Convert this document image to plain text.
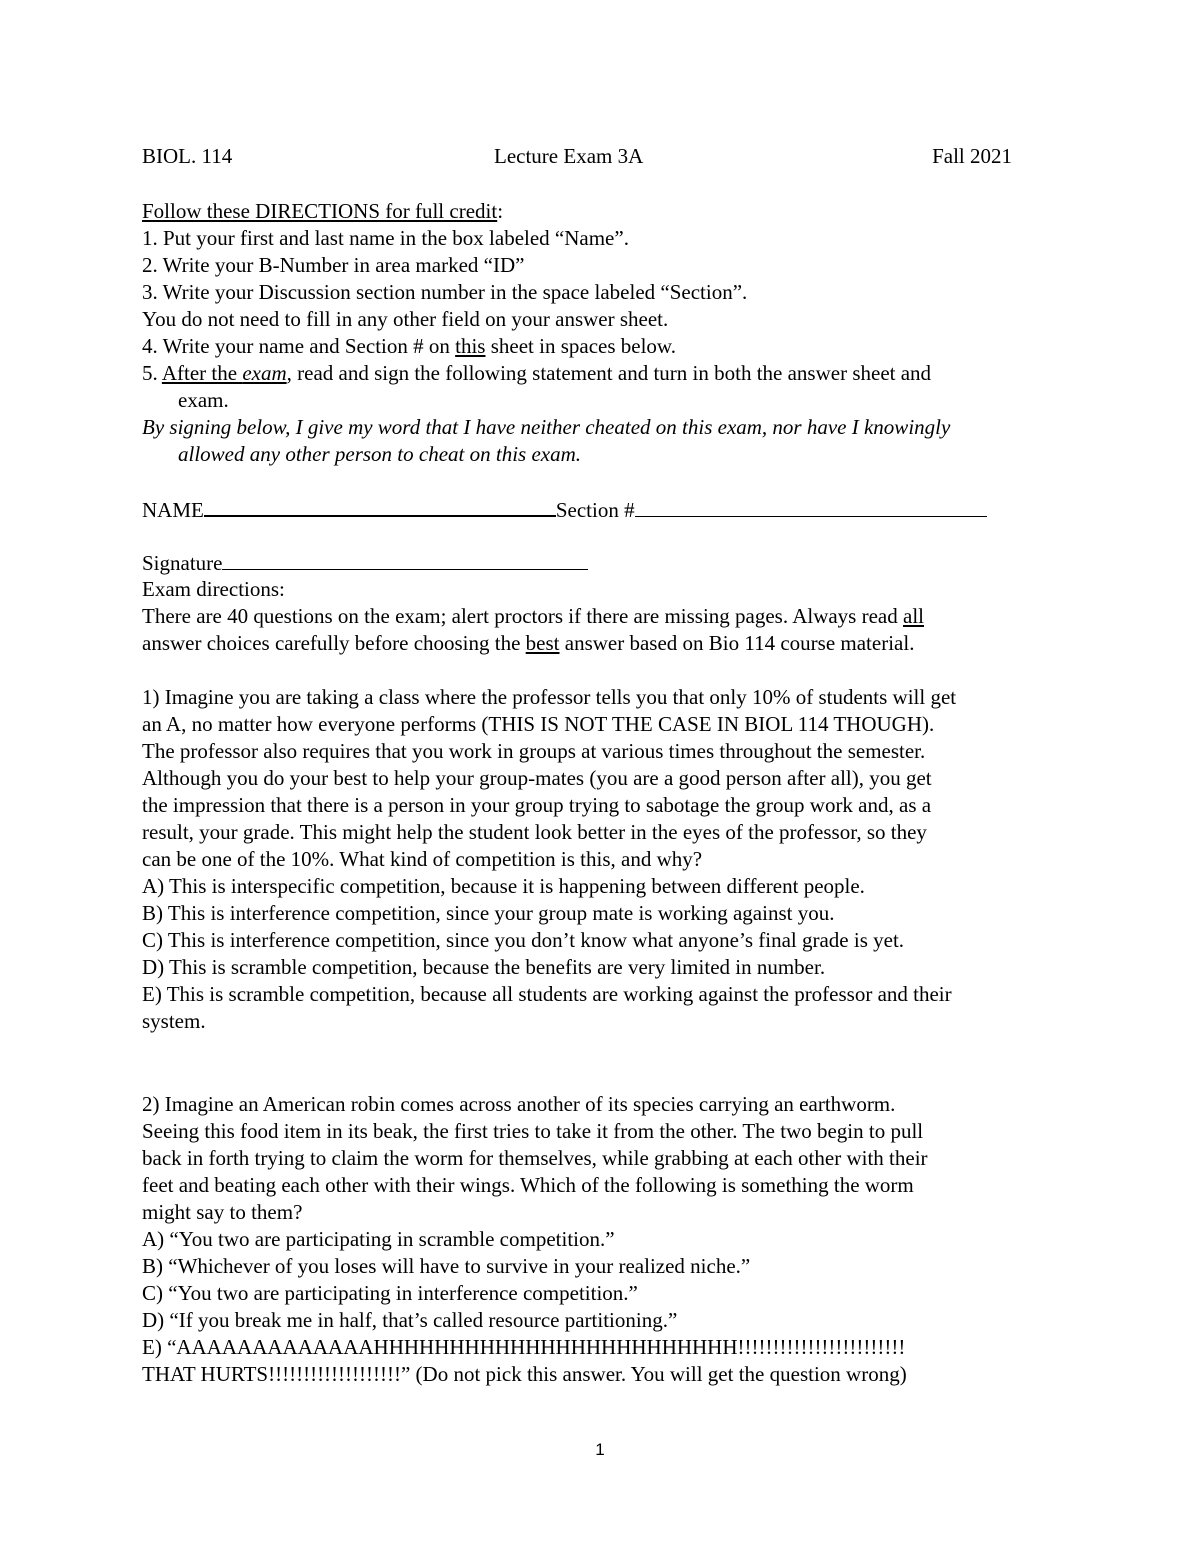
BIOL. 114	Lecture Exam 3A	Fall 2021
Follow these DIRECTIONS for full credit:
1. Put your first and last name in the box labeled “Name”.
2. Write your B-Number in area marked “ID”
3. Write your Discussion section number in the space labeled “Section”.
You do not need to fill in any other field on your answer sheet.
4. Write your name and Section # on this sheet in spaces below.
5. After the exam, read and sign the following statement and turn in both the answer sheet and
exam.
By signing below, I give my word that I have neither cheated on this exam, nor have I knowingly
allowed any other person to cheat on this exam.
NAME	Section #
Signature
Exam directions:
There are 40 questions on the exam; alert proctors if there are missing pages. Always read all
answer choices carefully before choosing the best answer based on Bio 114 course material.
1) Imagine you are taking a class where the professor tells you that only 10% of students will get
an A, no matter how everyone performs (THIS IS NOT THE CASE IN BIOL 114 THOUGH).
The professor also requires that you work in groups at various times throughout the semester.
Although you do your best to help your group-mates (you are a good person after all), you get
the impression that there is a person in your group trying to sabotage the group work and, as a
result, your grade. This might help the student look better in the eyes of the professor, so they
can be one of the 10%. What kind of competition is this, and why?
A) This is interspecific competition, because it is happening between different people.
B) This is interference competition, since your group mate is working against you.
C) This is interference competition, since you don’t know what anyone’s final grade is yet.
D) This is scramble competition, because the benefits are very limited in number.
E) This is scramble competition, because all students are working against the professor and their
system.
2) Imagine an American robin comes across another of its species carrying an earthworm.
Seeing this food item in its beak, the first tries to take it from the other. The two begin to pull
back in forth trying to claim the worm for themselves, while grabbing at each other with their
feet and beating each other with their wings. Which of the following is something the worm
might say to them?
A) “You two are participating in scramble competition.”
B) “Whichever of you loses will have to survive in your realized niche.”
C) “You two are participating in interference competition.”
D) “If you break me in half, that’s called resource partitioning.”
E) “AAAAAAAAAAAAAHHHHHHHHHHHHHHHHHHHHHHHH!!!!!!!!!!!!!!!!!!!!!!!!
THAT HURTS!!!!!!!!!!!!!!!!!!!” (Do not pick this answer. You will get the question wrong)
1
